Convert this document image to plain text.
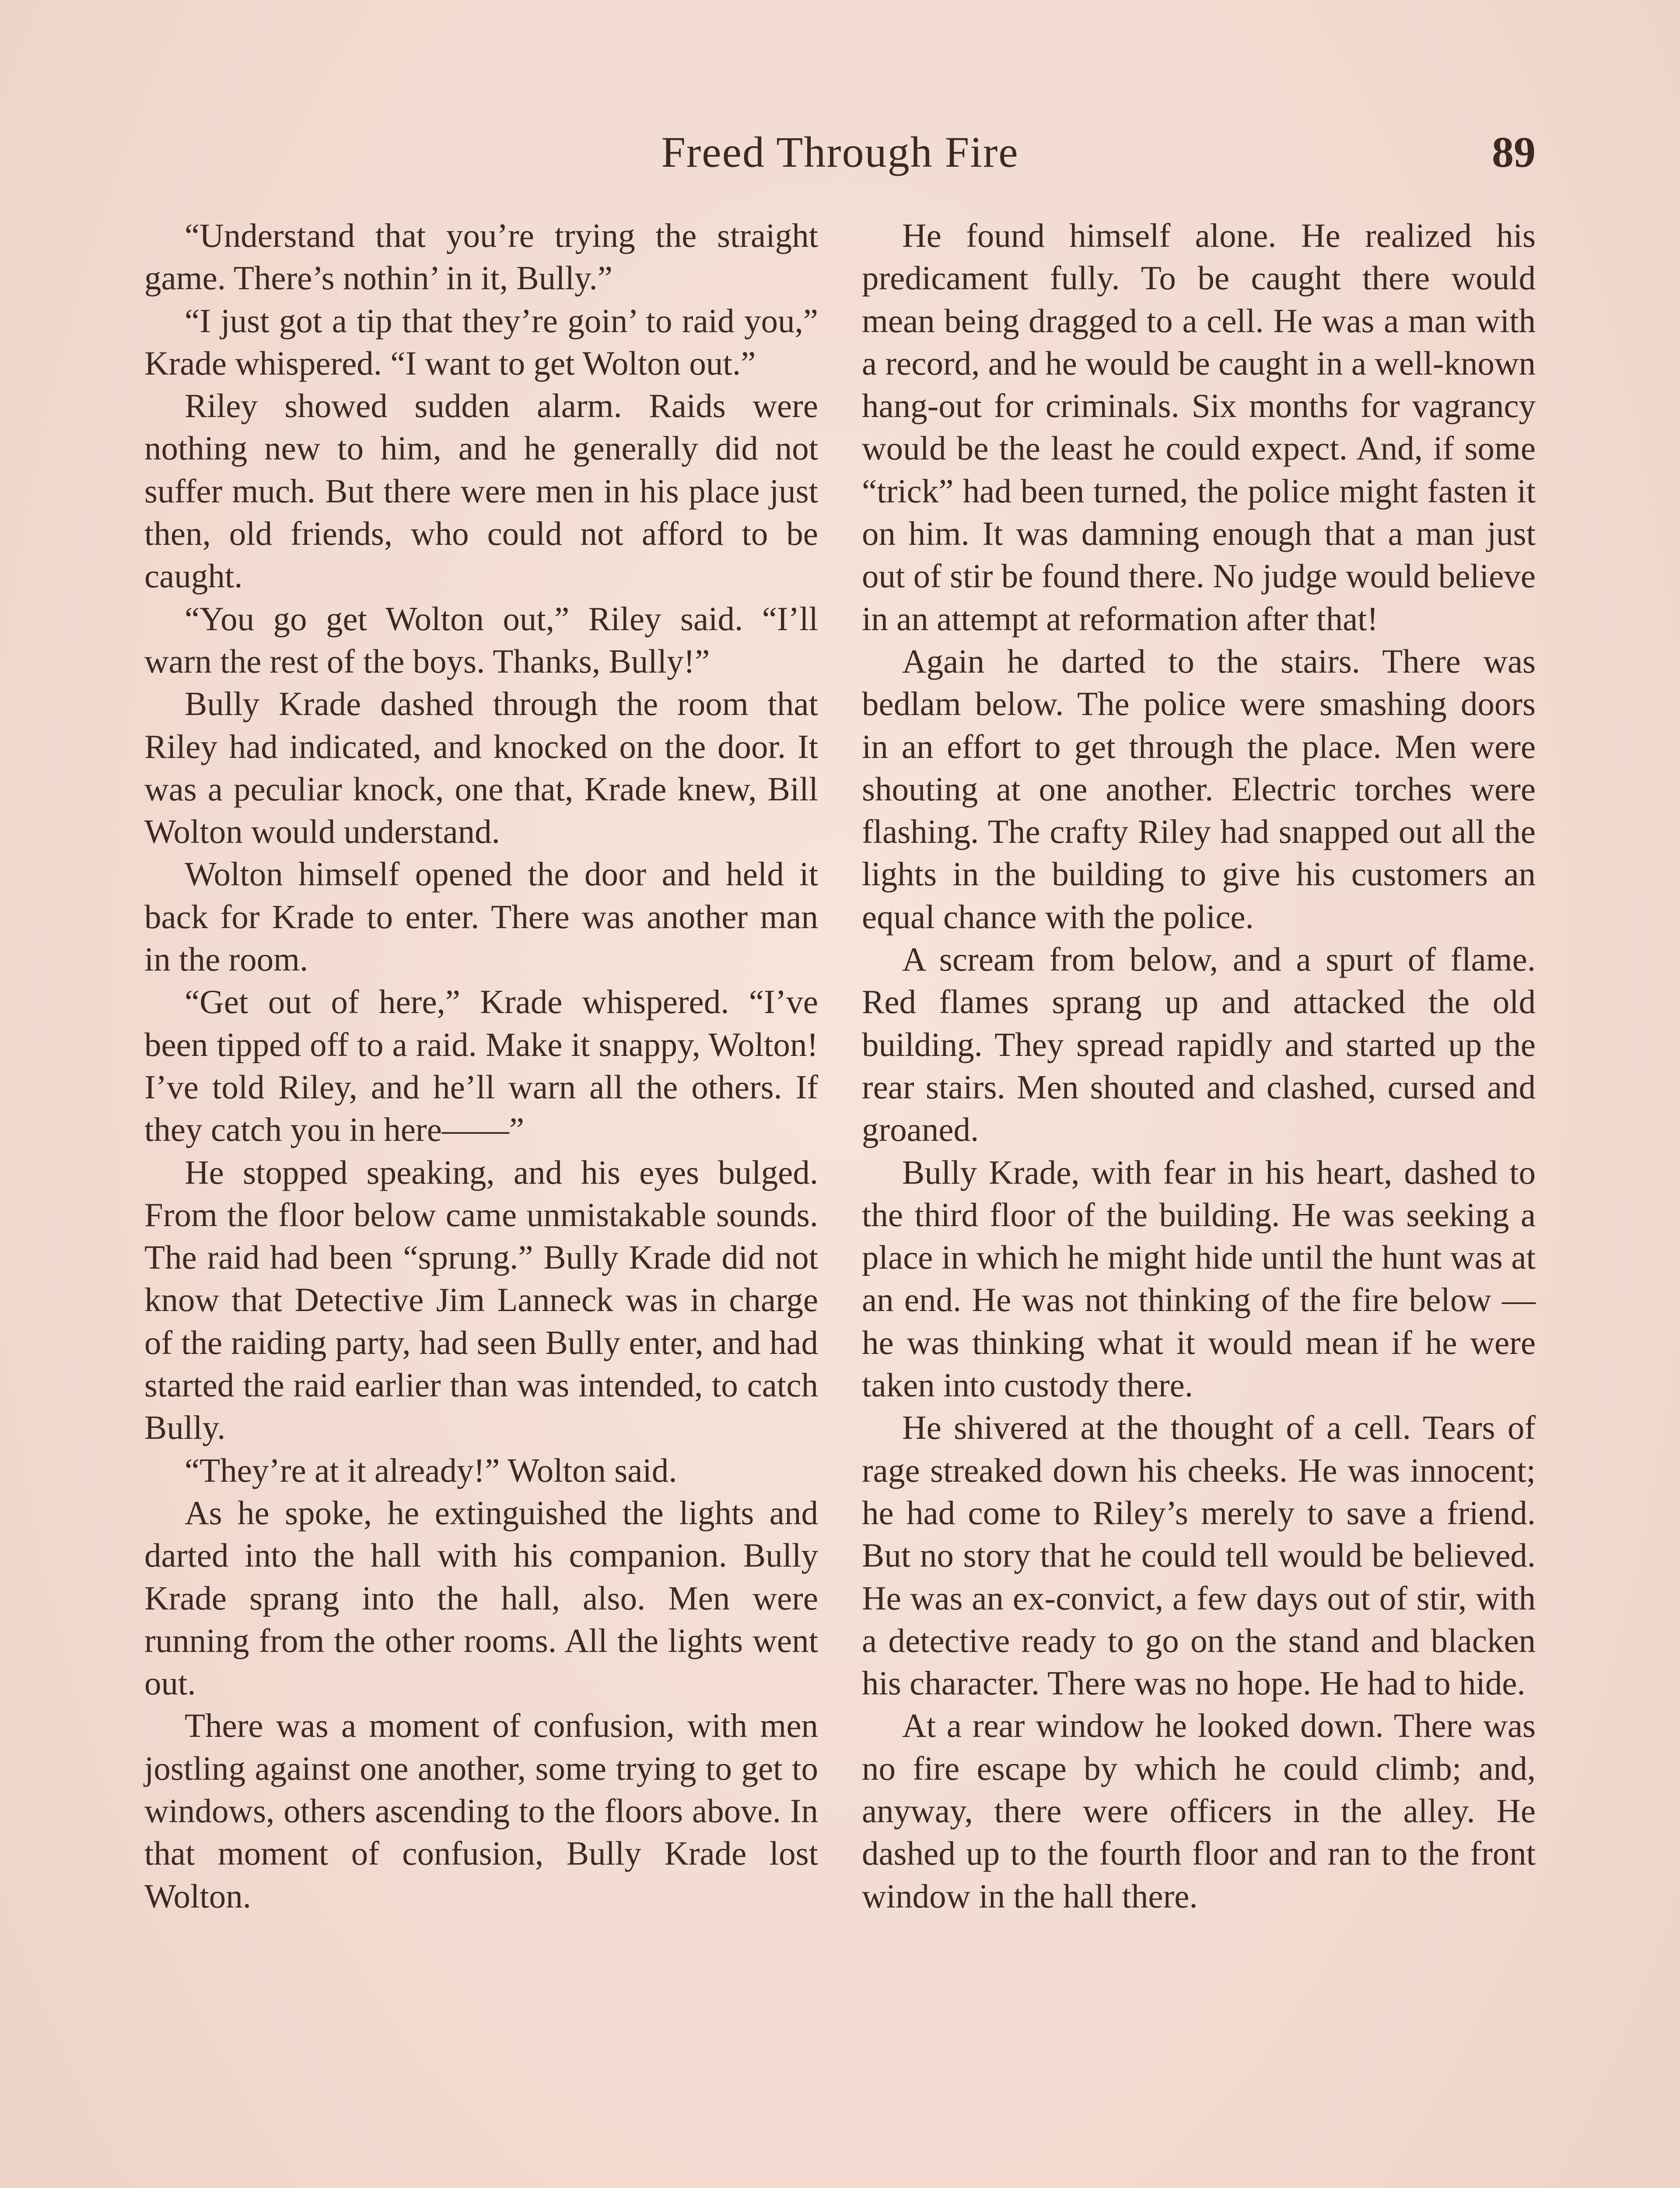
Freed Through Fire	89

“Understand that you’re trying the straight game. There’s nothin’ in it, Bully.”

“I just got a tip that they’re goin’ to raid you,” Krade whispered. “I want to get Wolton out.”

Riley showed sudden alarm. Raids were nothing new to him, and he generally did not suffer much. But there were men in his place just then, old friends, who could not afford to be caught.

“You go get Wolton out,” Riley said. “I’ll warn the rest of the boys. Thanks, Bully!”

Bully Krade dashed through the room that Riley had indicated, and knocked on the door. It was a peculiar knock, one that, Krade knew, Bill Wolton would understand.

Wolton himself opened the door and held it back for Krade to enter. There was another man in the room.

“Get out of here,” Krade whispered. “I’ve been tipped off to a raid. Make it snappy, Wolton! I’ve told Riley, and he’ll warn all the others. If they catch you in here——”

He stopped speaking, and his eyes bulged. From the floor below came unmistakable sounds. The raid had been “sprung.” Bully Krade did not know that Detective Jim Lanneck was in charge of the raiding party, had seen Bully enter, and had started the raid earlier than was intended, to catch Bully.

“They’re at it already!” Wolton said.

As he spoke, he extinguished the lights and darted into the hall with his companion. Bully Krade sprang into the hall, also. Men were running from the other rooms. All the lights went out.

There was a moment of confusion, with men jostling against one another, some trying to get to windows, others ascending to the floors above. In that moment of confusion, Bully Krade lost Wolton.

He found himself alone. He realized his predicament fully. To be caught there would mean being dragged to a cell. He was a man with a record, and he would be caught in a well-known hang-out for criminals. Six months for vagrancy would be the least he could expect. And, if some “trick” had been turned, the police might fasten it on him. It was damning enough that a man just out of stir be found there. No judge would believe in an attempt at reformation after that!

Again he darted to the stairs. There was bedlam below. The police were smashing doors in an effort to get through the place. Men were shouting at one another. Electric torches were flashing. The crafty Riley had snapped out all the lights in the building to give his customers an equal chance with the police.

A scream from below, and a spurt of flame. Red flames sprang up and attacked the old building. They spread rapidly and started up the rear stairs. Men shouted and clashed, cursed and groaned.

Bully Krade, with fear in his heart, dashed to the third floor of the building. He was seeking a place in which he might hide until the hunt was at an end. He was not thinking of the fire below —he was thinking what it would mean if he were taken into custody there.

He shivered at the thought of a cell. Tears of rage streaked down his cheeks. He was innocent; he had come to Riley’s merely to save a friend. But no story that he could tell would be believed. He was an ex-convict, a few days out of stir, with a detective ready to go on the stand and blacken his character. There was no hope. He had to hide.

At a rear window he looked down. There was no fire escape by which he could climb; and, anyway, there were officers in the alley. He dashed up to the fourth floor and ran to the front window in the hall there.
